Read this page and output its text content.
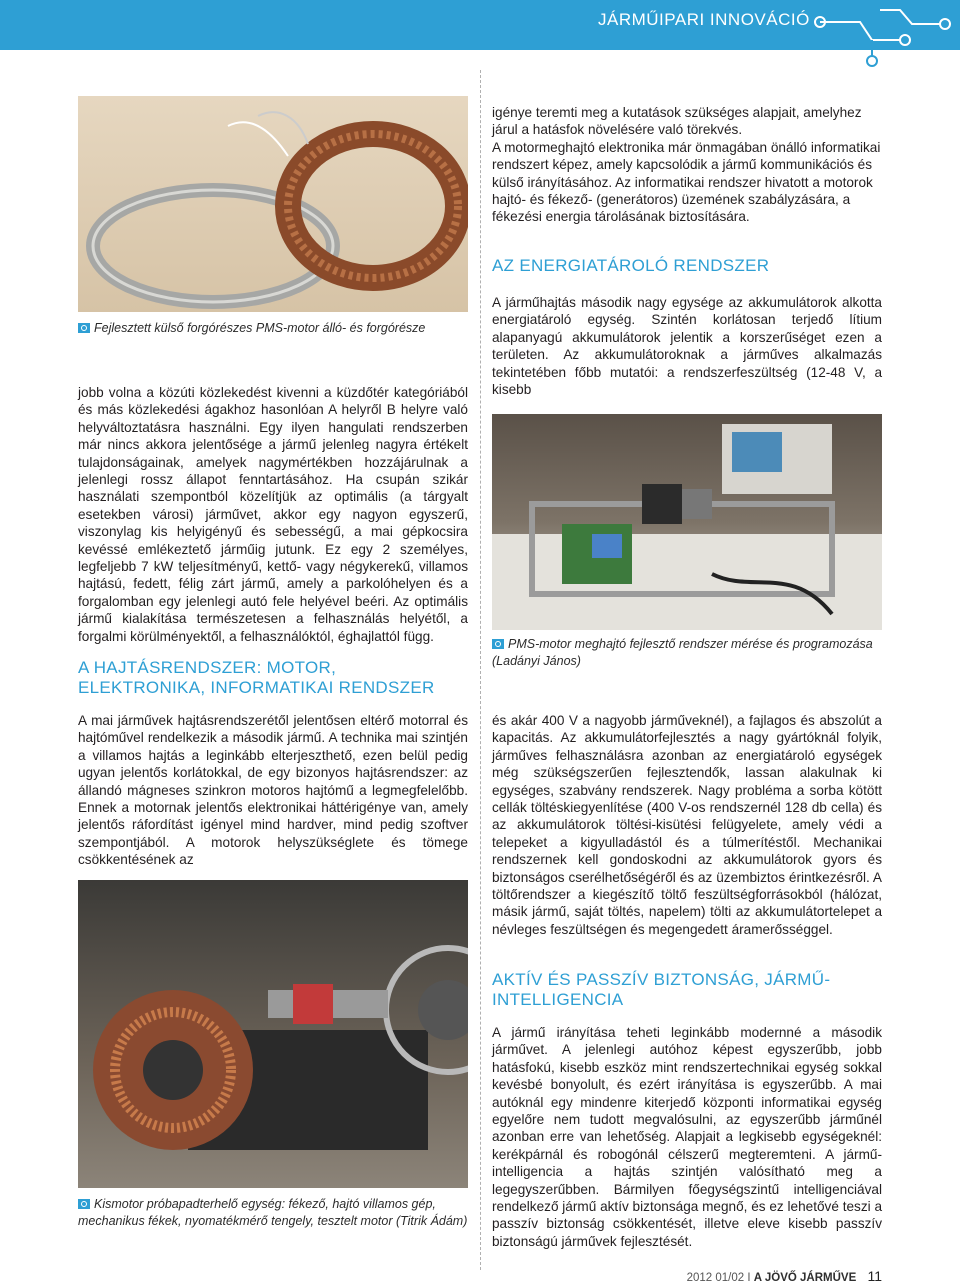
JÁRMŰIPARI INNOVÁCIÓ
Fejlesztett külső forgórészes PMS-motor álló- és forgórésze

jobb volna a közúti közlekedést kivenni a küzdőtér kategóriából és más közlekedési ágakhoz hasonlóan A helyről B helyre való helyváltoztatásra használni. Egy ilyen hangulati rendszerben már nincs akkora jelentősége a jármű jelenleg nagyra értékelt tulajdonságainak, amelyek nagymértékben hozzájárulnak a jelenlegi rossz állapot fenntartásához. Ha csupán szikár használati szempontból közelítjük az optimális (a tárgyalt esetekben városi) járművet, akkor egy nagyon egyszerű, viszonylag kis helyigényű és sebességű, a mai gépkocsira kevéssé emlékeztető járműig jutunk. Ez egy 2 személyes, legfeljebb 7 kW teljesítményű, kettő- vagy négykerekű, villamos hajtású, fedett, félig zárt jármű, amely a parkolóhelyen és a forgalomban egy jelenlegi autó fele helyével beéri. Az optimális jármű kialakítása természetesen a felhasználás helyétől, a forgalmi körülményektől, a felhasználóktól, éghajlattól függ.

A HAJTÁSRENDSZER: MOTOR, ELEKTRONIKA, INFORMATIKAI RENDSZER

A mai járművek hajtásrendszerétől jelentősen eltérő motorral és hajtóművel rendelkezik a második jármű. A technika mai szintjén a villamos hajtás a leginkább elterjeszthető, ezen belül pedig ugyan jelentős korlátokkal, de egy bizonyos hajtásrendszer: az állandó mágneses szinkron motoros hajtómű a legmegfelelőbb. Ennek a motornak jelentős elektronikai háttérigénye van, amely jelentős ráfordítást igényel mind hardver, mind pedig szoftver szempontjából. A motorok helyszükséglete és tömege csökkentésének az

Kismotor próbapadterhelő egység: fékező, hajtó villamos gép, mechanikus fékek, nyomatékmérő tengely, tesztelt motor (Titrik Ádám)

igénye teremti meg a kutatások szükséges alapjait, amelyhez járul a hatásfok növelésére való törekvés.

A motormeghajtó elektronika már önmagában önálló informatikai rendszert képez, amely kapcsolódik a jármű kommunikációs és külső irányításához. Az informatikai rendszer hivatott a motorok hajtó- és fékező- (generátoros) üzemének szabályzására, a fékezési energia tárolásának biztosítására.

AZ ENERGIATÁROLÓ RENDSZER

A járműhajtás második nagy egysége az akkumulátorok alkotta energiatároló egység. Szintén korlátosan terjedő lítium alapanyagú akkumulátorok jelentik a korszerűséget ezen a területen. Az akkumulátoroknak a járműves alkalmazás tekintetében főbb mutatói: a rendszerfeszültség (12-48 V, a kisebb

PMS-motor meghajtó fejlesztő rendszer mérése és programozása (Ladányi János)

és akár 400 V a nagyobb járműveknél), a fajlagos és abszolút a kapacitás. Az akkumulátorfejlesztés a nagy gyártóknál folyik, járműves felhasználásra azonban az energiatároló egységek még szükségszerűen fejlesztendők, lassan alakulnak ki egységes, szabvány rendszerek. Nagy probléma a sorba kötött cellák töltéskiegyenlítése (400 V-os rendszernél 128 db cella) és az akkumulátorok töltési-kisütési felügyelete, amely védi a telepeket a kigyulladástól és a túlmerítéstől. Mechanikai rendszernek kell gondoskodni az akkumulátorok gyors és biztonságos cserélhetőségéről és az üzembiztos érintkezésről. A töltőrendszer a kiegészítő töltő feszültségforrásokból (hálózat, másik jármű, saját töltés, napelem) tölti az akkumulátortelepet a névleges feszültségen és megengedett áramerősséggel.

AKTÍV ÉS PASSZÍV BIZTONSÁG, JÁRMŰ-INTELLIGENCIA

A jármű irányítása teheti leginkább modernné a második járművet. A jelenlegi autóhoz képest egyszerűbb, jobb hatásfokú, kisebb eszköz mint rendszertechnikai egység sokkal kevésbé bonyolult, és ezért irányítása is egyszerűbb. A mai autóknál egy mindenre kiterjedő központi informatikai egység egyelőre nem tudott megvalósulni, az egyszerűbb járműnél azonban erre van lehetőség. Alapjait a legkisebb egységeknél: kerékpárnál és robogónál célszerű megteremteni. A jármű-intelligencia a hajtás szintjén valósítható meg a legegyszerűbben. Bármilyen főegységszintű intelligenciával rendelkező jármű aktív biztonsága megnő, és ez lehetővé teszi a passzív biztonság csökkentését, illetve eleve kisebb passzív biztonságú járművek fejlesztését.

2012 01/02 I A JÖVŐ JÁRMŰVE 11
